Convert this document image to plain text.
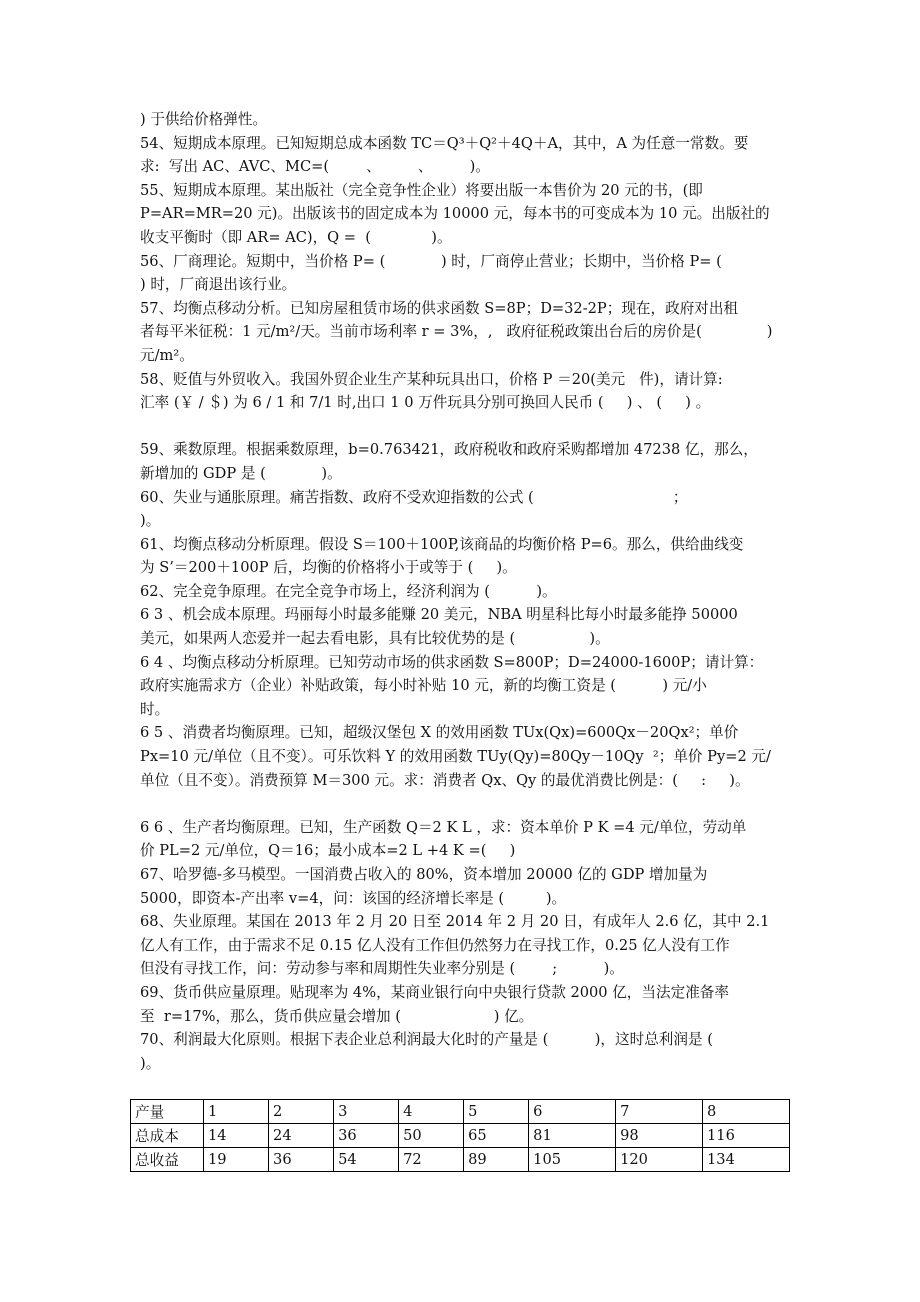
) 于供给价格弹性。
54、短期成本原理。已知短期总成本函数 TC＝Q³＋Q²＋4Q＋A，其中，A 为任意一常数。要
求:  写出 AC、AVC、MC=(        、        、        )。
55、短期成本原理。某出版社（完全竞争性企业）将要出版一本售价为 20 元的书，(即
P=AR=MR=20 元)。出版该书的固定成本为 10000 元，每本书的可变成本为 10 元。出版社的
收支平衡时（即 AR= AC)，Q =  (             )。
56、厂商理论。短期中，当价格 P= (            ) 时，厂商停止营业；长期中，当价格 P= (
) 时，厂商退出该行业。
57、均衡点移动分析。已知房屋租赁市场的供求函数 S=8P；D=32-2P；现在，政府对出租
者每平米征税：1 元/m²/天。当前市场利率 r = 3%，,   政府征税政策出台后的房价是(              )
元/m²。
58、贬值与外贸收入。我国外贸企业生产某种玩具出口，价格 P ＝20(美元   件)，请计算:
汇率 (￥ / ＄) 为 6 / 1 和 7/1 时,出口 1 0 万件玩具分别可换回人民币 (     ) 、 (     ) 。
59、乘数原理。根据乘数原理，b=0.763421，政府税收和政府采购都增加 47238 亿，那么，
新增加的 GDP 是 (            )。
60、失业与通胀原理。痛苦指数、政府不受欢迎指数的公式 (                              ；
)。
61、均衡点移动分析原理。假设 S＝100＋100P,该商品的均衡价格 P=6。那么，供给曲线变
为 S’＝200＋100P 后，均衡的价格将小于或等于 (     )。
62、完全竞争原理。在完全竞争市场上，经济利润为 (          )。
6 3 、机会成本原理。玛丽每小时最多能赚 20 美元，NBA 明星科比每小时最多能挣 50000
美元，如果两人恋爱并一起去看电影，具有比较优势的是 (                )。
6 4 、均衡点移动分析原理。已知劳动市场的供求函数 S=800P；D=24000-1600P；请计算：
政府实施需求方（企业）补贴政策，每小时补贴 10 元，新的均衡工资是 (          ) 元/小
时。
6 5 、消费者均衡原理。已知，超级汉堡包 X 的效用函数 TUx(Qx)=600Qx－20Qx²；单价
Px=10 元/单位（且不变）。可乐饮料 Y 的效用函数 TUy(Qy)=80Qy－10Qy  ²；单价 Py=2 元/
单位（且不变）。消费预算 M＝300 元。求：消费者 Qx、Qy 的最优消费比例是：(     :     )。
6 6 、生产者均衡原理。已知，生产函数 Q＝2 K L ，求：资本单价 P K =4 元/单位，劳动单
价 PL=2 元/单位，Q＝16；最小成本=2 L +4 K =(     )
67、哈罗德-多马模型。一国消费占收入的 80%，资本增加 20000 亿的 GDP 增加量为
5000，即资本-产出率 v=4，问：该国的经济增长率是 (         )。
68、失业原理。某国在 2013 年 2 月 20 日至 2014 年 2 月 20 日，有成年人 2.6 亿，其中 2.1
亿人有工作，由于需求不足 0.15 亿人没有工作但仍然努力在寻找工作，0.25 亿人没有工作
但没有寻找工作，问：劳动参与率和周期性失业率分别是 (        ;          )。
69、货币供应量原理。贴现率为 4%，某商业银行向中央银行贷款 2000 亿，当法定准备率
至  r=17%，那么，货币供应量会增加 (                    ) 亿。
70、利润最大化原则。根据下表企业总利润最大化时的产量是 (          )，这时总利润是 (
)。
产量	1	2	3	4	5	6	7	8
总成本	14	24	36	50	65	81	98	116
总收益	19	36	54	72	89	105	120	134
